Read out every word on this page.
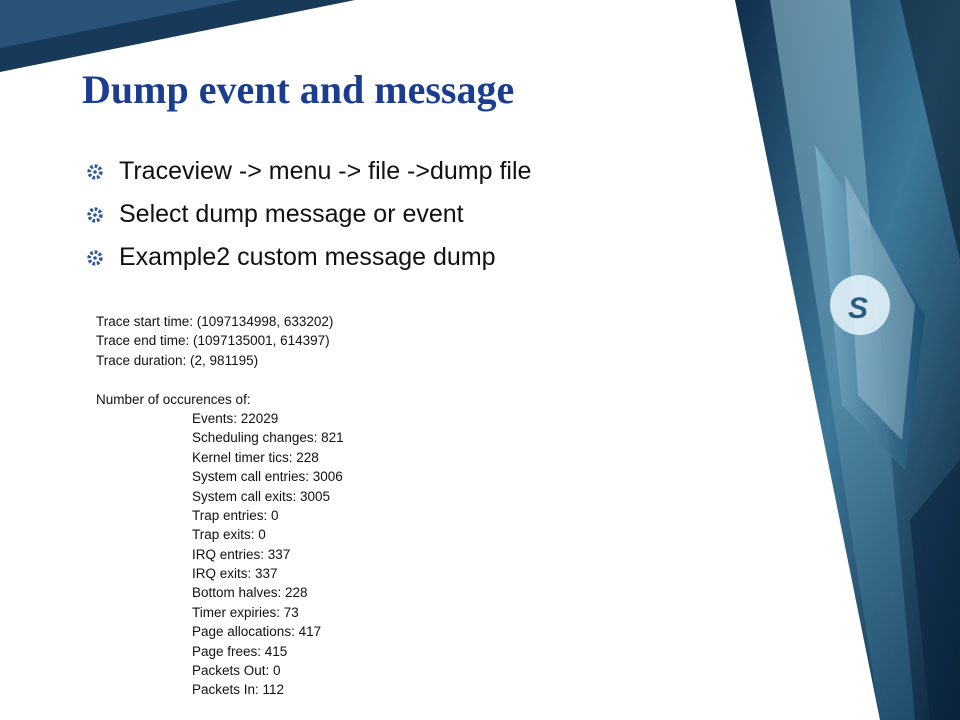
S
Dump event and message
Traceview -> menu -> file ->dump file
Select dump message or event
Example2 custom message dump
Trace start time: (1097134998, 633202)
Trace end time: (1097135001, 614397)
Trace duration: (2, 981195)
Number of occurences of:
Events: 22029
Scheduling changes: 821
Kernel timer tics: 228
System call entries: 3006
System call exits: 3005
Trap entries: 0
Trap exits: 0
IRQ entries: 337
IRQ exits: 337
Bottom halves: 228
Timer expiries: 73
Page allocations: 417
Page frees: 415
Packets Out: 0
Packets In: 112
